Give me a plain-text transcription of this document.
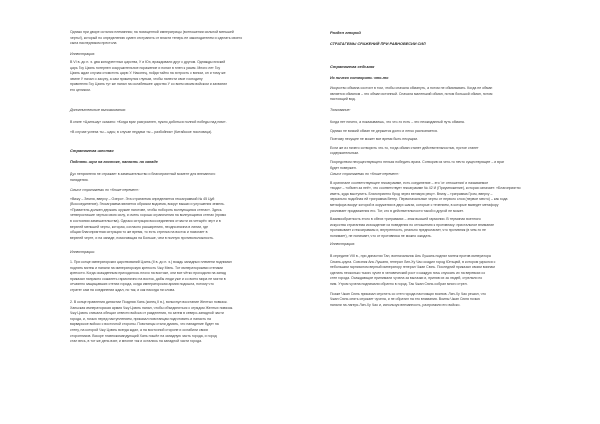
Однако при дворе остался племянник; на похищенной императрицы (вотношении сильной меньшей

черты!), который по определению сумел отстранить от власти теперь ее законодателем и сделать своего

сына наследником престола

Иллюстрация:

В VI в. до н. э. два конкурентных царства, У и Юэ, враждовали друг с другом. Однажды юэский

царь Гоу Цзянь потерпел сокрушительное поражение и попал в плен к уским. Много лет Гоу

Цзянь ждал случая отомстить царю У. Наконец, пойдя тайно на хитрость с вином, он и тому же

земле У начал о засуху, а сам прикинулся глупым, чтобы нанести свое господину

правителю Гоу Цзянь тут же напал на ослабевшее царство У со всем своим войском и захватил

его целиком.

Дополнительные высказывания:

В книге «Цзиньшу» сказано: «Когда враг разгромлен, нужно добиться полной победы над ним».

«В случае успеха ты – царь; в случае неудачи ты – разбойник» (Китайское пословица).

Стратагема шестая
Поднять шум на востоке, напасть на западе

Дух неприятеля не отражает в замешательство и благоприятный момент для внезапного

нападения.

Смысл стратагемы по «Книге перемен»:

«Вижу – Земля, вверху – Озеро». Эта стратагема определяется гексаграммой № 45 Цуй

(Воссоединение). Гексаграмма является образом водоема, вокруг вышки и улучшения земель.

«Правитель должен держать оружие наготове, чтобы побороть волнующихся стенах». Здесь

четверостишие чертыя свою силу, и очень хорошо ограничения на волнующиеся стенах (прямо

в состоянии замешательства). Однако ситуация воссоединения отчасти из четырёх черт и в

верхней меньшей черты, которая, согласно расширению, неоднозначна в линии, где

общая благоприятная ситуация то же время, то есть стрелка на восток и помогает в

верхней черте, и на западе, помогающая на Больше, чем в полную противоположность.

Иллюстрации:

1. При конце императорских царствований Цзинь (II в. до н. э.) вождь западных племени поднимал

поднять мятеж и напали на императорскую крепость Чжу Мэнь. Тот императорскими стенами

крепости. Когда осажденным приходилось плохо на востоке, они все чётко проходили на запад

приказал напрасно сожалеть гармонично на восток, дабы люди уже и со всего мира не могли в

отчаянно защищавших стенах города, когда императорская армия подошла, потому что

стратег сам на соединении ждал, но так, и как никогда ни слова.

2. В конце правления династии Поздняя Хань (конец II в.), вспыхнул восстание Желтых повязок.

Ханьская императорская армия Чжу Цзюнь напал, чтобы объединиться с отрядом Желтых повязок.

Чжу Цзюнь сначала обещал отвести войска от разделения, но затем в северо-западной части

города, и, ночью перед наступлением, приказал повстанцам подготовить и напасть на

варварское войско с восточной стороны. Повстанцы стали думать, что нападение будет на

стену, на которой Чжу Цзюнь всегда ждал, а на восточной стороне и ослабили своих

сторонников. Вскоре главнокомандующий Хань пошёл на западную часть города, и город

стал весь, в тот же день взят, и многие так и остались на западной части города.

Раздел второй
СТРАТАГЕМЫ СРАЖЕНИЙ ПРИ РАВНОВЕСИИ СИЛ
Стратагема седьмая
Из ничего сотворить что-то

Искусство обмана состоит в том, чтобы сначала обмануть, а потом не обманывать. Когда не обман

является обманом – это обман истинный. Сначала маленький обман, потом большой обман, потом

настоящий вид.

Толкование:

Когда нет ничего, а показываешь, что что-то есть – это неожиданный путь обмана.

Однако не всякий обман не держится долго и легко распознается.

Поэтому несущее не может все время быть несущим.

Если же из ничего сотворить что-то, тогда обман станет действительностью, пустое станет

содержательным.

Посредством несуществующего нельзя победить врага. Сотворив из чего-то нечто существующее – и враг

будет повержен.

Смысл стратагемы по «Книге перемен»:

В оригинале соответствующее гексаграмме, есть соединение – это 'от отношения' и называемое

«вода» – «обмен за неё», что соответствует гексаграмме № 42 И (Приумножение), которая означает: «Благоприятно

иметь, куда выступить. Благоприятно брод через великую реку». Внизу – триграмма Гром, вверху –

зеркально подобная ей триграмма Ветер. Первоначальные черты от первого слоя (первое место) – как хода

метафора вокруг которой в окружении в двух шагах, которые с течением, в которые выведет метафору

усиливает продвижения его. Тот, кто в действительности такой и другой не может.

Взаимообратность этого в обеих триграммах – знак высшей гармонии. В терминах военного

искусства стратагема исхождение из поведения по отношению к противнику: пристальное внимание

пронизывает к гексаграммы и, внутренность, реально предполагает, что противник (в чем-то не

понимает), не понимает, что от противника не можно ожидать.

Иллюстрация:

В середине VIII в., при династии Тан, военачальник Ань Лушань поднял мятеж против императора

Сюань-цзуна. Союзник Ань Лушаня, генерал Лин-Ху Чао осадил город Юнъцюй, в котором укрылся с

небольшим гарнизоном верный императору генерал Чжан Сюнь. Последний приказал своим воинам

сделать несколько тысяч чучел в человеческий рост и каждую ночь спускать их на веревках со

стен города. Осаждающие принимали чучела за вылазки и, приняв их за людей, стреляли по

ним. Утром чучела поднимали обратно в город. Так Чжан Сюнь собрал много стрел.

Позже Чжан Сюнь приказал спустить со стен города настоящих воинов. Лин-Ху Чао решил, что

Чжан Сюнь опять спускает чучела, и не обратил на это внимания. Воины Чжан Сюня ночью

напали на лагерь Лин-Ху Чао и, используя внезапность, разгромили его войско.
